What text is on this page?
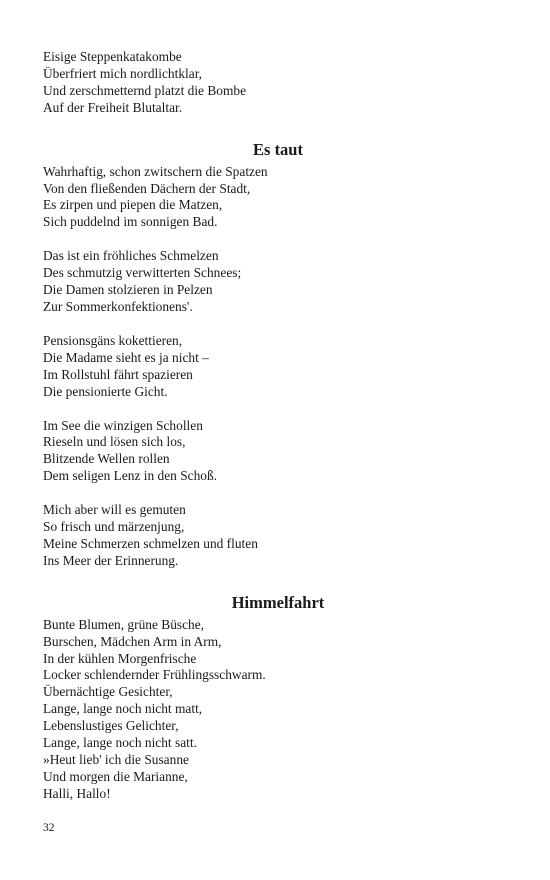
Eisige Steppenkatakombe
Überfriert mich nordlichtklar,
Und zerschmetternd platzt die Bombe
Auf der Freiheit Blutaltar.
Es taut
Wahrhaftig, schon zwitschern die Spatzen
Von den fließenden Dächern der Stadt,
Es zirpen und piepen die Matzen,
Sich puddelnd im sonnigen Bad.
Das ist ein fröhliches Schmelzen
Des schmutzig verwitterten Schnees;
Die Damen stolzieren in Pelzen
Zur Sommerkonfektionens'.
Pensionsgäns kokettieren,
Die Madame sieht es ja nicht –
Im Rollstuhl fährt spazieren
Die pensionierte Gicht.
Im See die winzigen Schollen
Rieseln und lösen sich los,
Blitzende Wellen rollen
Dem seligen Lenz in den Schoß.
Mich aber will es gemuten
So frisch und märzenjung,
Meine Schmerzen schmelzen und fluten
Ins Meer der Erinnerung.
Himmelfahrt
Bunte Blumen, grüne Büsche,
Burschen, Mädchen Arm in Arm,
In der kühlen Morgenfrische
Locker schlendernder Frühlingsschwarm.
Übernächtige Gesichter,
Lange, lange noch nicht matt,
Lebenslustiges Gelichter,
Lange, lange noch nicht satt.
»Heut lieb' ich die Susanne
Und morgen die Marianne,
Halli, Hallo!
32
